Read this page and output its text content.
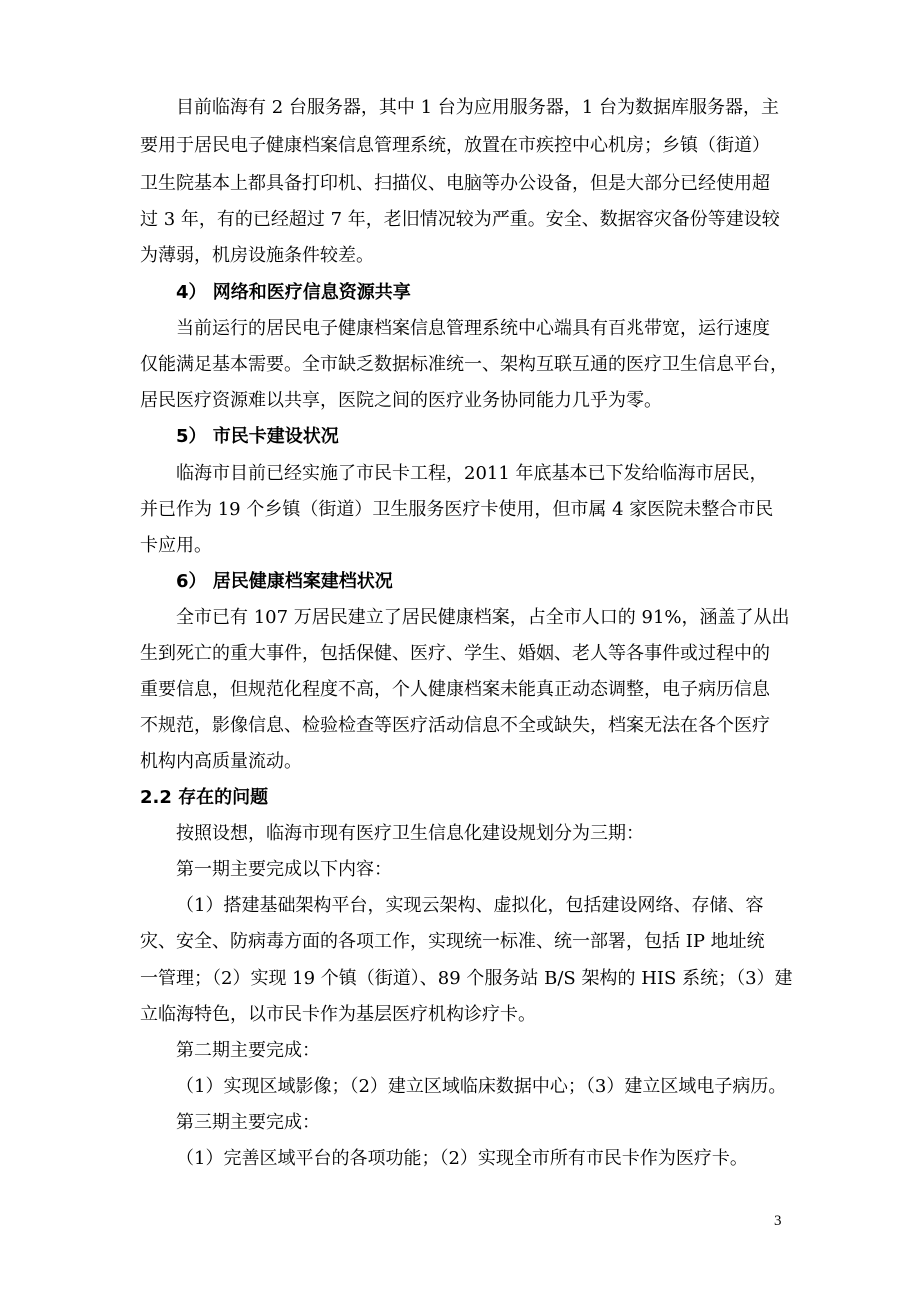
目前临海有 2 台服务器，其中 1 台为应用服务器，1 台为数据库服务器，主
要用于居民电子健康档案信息管理系统，放置在市疾控中心机房；乡镇（街道）
卫生院基本上都具备打印机、扫描仪、电脑等办公设备，但是大部分已经使用超
过 3 年，有的已经超过 7 年，老旧情况较为严重。安全、数据容灾备份等建设较
为薄弱，机房设施条件较差。
4） 网络和医疗信息资源共享
当前运行的居民电子健康档案信息管理系统中心端具有百兆带宽，运行速度
仅能满足基本需要。全市缺乏数据标准统一、架构互联互通的医疗卫生信息平台，
居民医疗资源难以共享，医院之间的医疗业务协同能力几乎为零。
5） 市民卡建设状况
临海市目前已经实施了市民卡工程，2011 年底基本已下发给临海市居民，
并已作为 19 个乡镇（街道）卫生服务医疗卡使用，但市属 4 家医院未整合市民
卡应用。
6） 居民健康档案建档状况
全市已有 107 万居民建立了居民健康档案，占全市人口的 91%，涵盖了从出
生到死亡的重大事件，包括保健、医疗、学生、婚姻、老人等各事件或过程中的
重要信息，但规范化程度不高，个人健康档案未能真正动态调整，电子病历信息
不规范，影像信息、检验检查等医疗活动信息不全或缺失，档案无法在各个医疗
机构内高质量流动。
2.2 存在的问题
按照设想，临海市现有医疗卫生信息化建设规划分为三期：
第一期主要完成以下内容：
（1）搭建基础架构平台，实现云架构、虚拟化，包括建设网络、存储、容
灾、安全、防病毒方面的各项工作，实现统一标准、统一部署，包括 IP 地址统
一管理；（2）实现 19 个镇（街道）、89 个服务站 B/S 架构的 HIS 系统；（3）建
立临海特色，以市民卡作为基层医疗机构诊疗卡。
第二期主要完成：
（1）实现区域影像；（2）建立区域临床数据中心；（3）建立区域电子病历。
第三期主要完成：
（1）完善区域平台的各项功能；（2）实现全市所有市民卡作为医疗卡。
3
